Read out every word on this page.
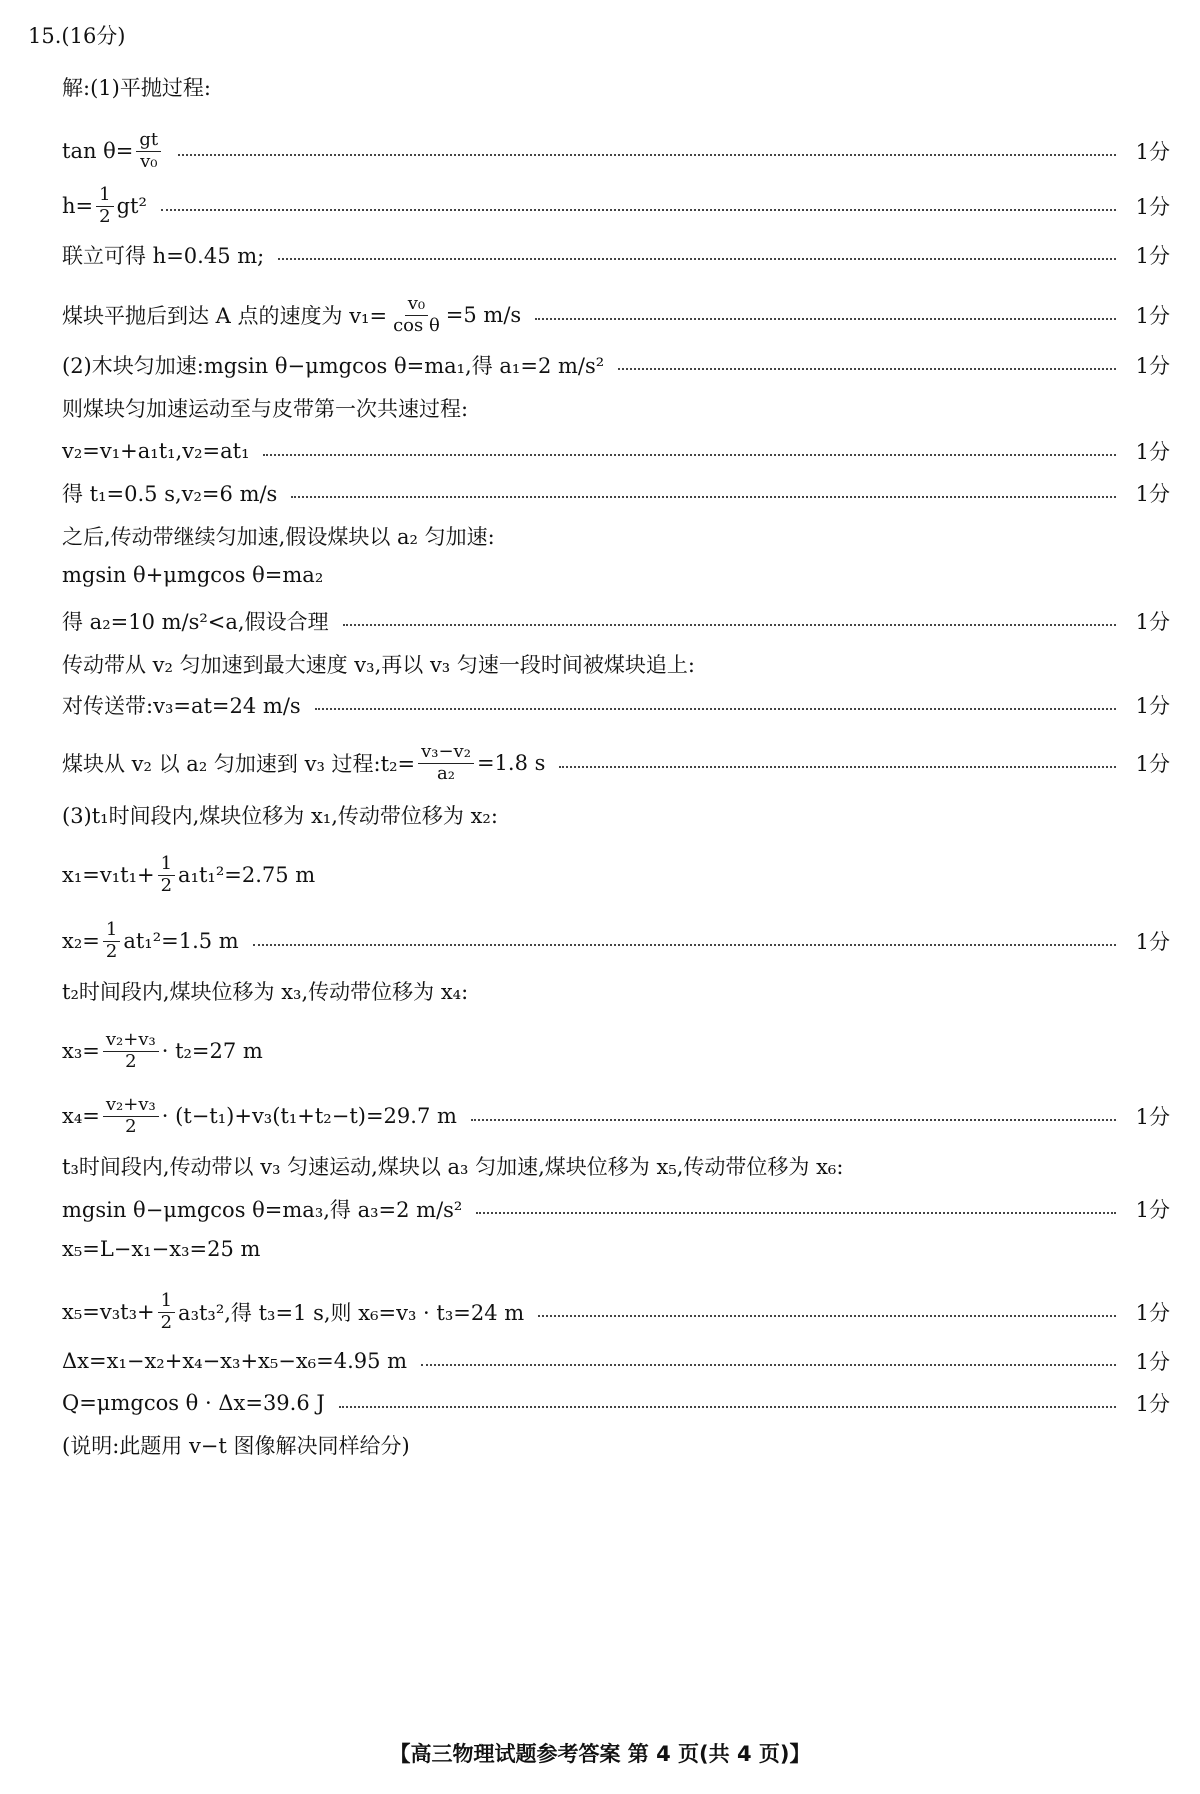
15.(16分)
解:(1)平抛过程:
$\tan \theta= \frac{gt}{\text{v₀}}$	1分
$h= \frac{1}{2} gt^2$	1分
联立可得 h=0.45 m;	1分
煤块平抛后到达 A 点的速度为 $v_1= \frac{\text{v₀}}{\text{cos θ}} =5$ m/s	1分
(2)木块匀加速:mgsin θ−μmgcos θ=ma₁,得 a₁=2 m/s²	1分
则煤块匀加速运动至与皮带第一次共速过程:
v₂=v₁+a₁t₁,v₂=at₁	1分
得 t₁=0.5 s,v₂=6 m/s	1分
之后,传动带继续匀加速,假设煤块以 a₂ 匀加速:
mgsin θ+μmgcos θ=ma₂
得 a₂=10 m/s²<a,假设合理	1分
传动带从 v₂ 匀加速到最大速度 v₃,再以 v₃ 匀速一段时间被煤块追上:
对传送带:v₃=at=24 m/s	1分
煤块从 v₂ 以 a₂ 匀加速到 v₃ 过程:t₂= $\frac{\text{v₃−v₂}}{\text{a₂}} =1.8$ s	1分
(3)t₁时间段内,煤块位移为 x₁,传动带位移为 x₂:
$x_1=v_1t_1+ \frac{1}{2} a_1t_1^2=2.75$ m
$x_2= \frac{1}{2} at_1^2=1.5$ m	1分
t₂时间段内,煤块位移为 x₃,传动带位移为 x₄:
$x_3= \frac{\text{v₂+v₃}}{2} \cdot t_2=27$ m
$x_4= \frac{\text{v₂+v₃}}{2} \cdot (t-t_1)+v_3(t_1+t_2-t)=29.7$ m	1分
t₃时间段内,传动带以 v₃ 匀速运动,煤块以 a₃ 匀加速,煤块位移为 x₅,传动带位移为 x₆:
mgsin θ−μmgcos θ=ma₃,得 a₃=2 m/s²	1分
x₅=L−x₁−x₃=25 m
$x_5=v_3t_3+ \frac{1}{2} a_3t_3^2$,得 t₃=1 s,则 x₆=v₃ · t₃=24 m	1分
Δx=x₁−x₂+x₄−x₃+x₅−x₆=4.95 m	1分
Q=μmgcos θ · Δx=39.6 J	1分
(说明:此题用 v−t 图像解决同样给分)
【高三物理试题参考答案 第 4 页(共 4 页)】
